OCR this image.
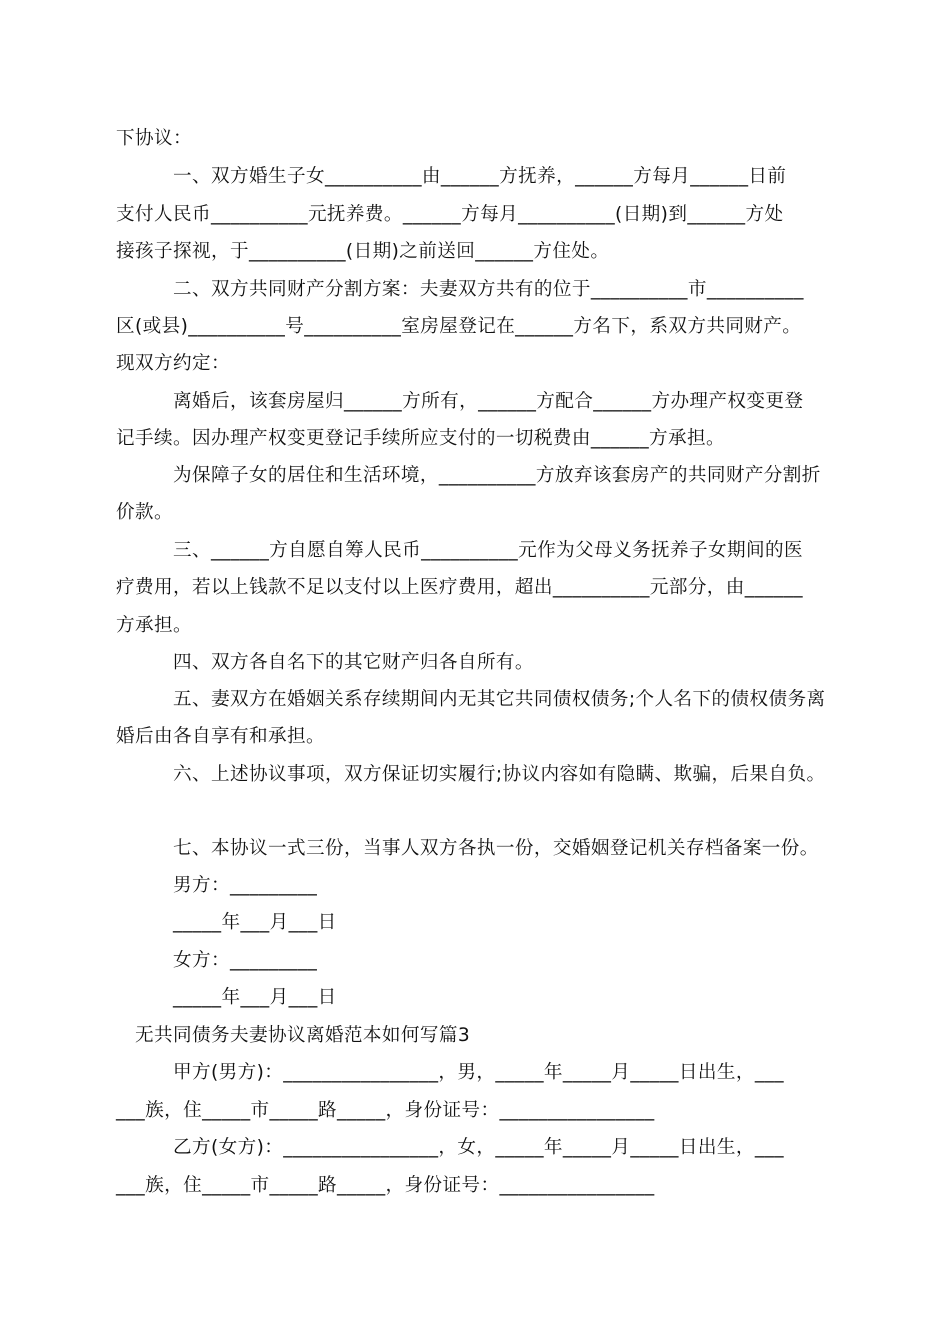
下协议：
一、双方婚生子女__________由______方抚养，______方每月______日前
支付人民币__________元抚养费。______方每月__________(日期)到______方处
接孩子探视，于__________(日期)之前送回______方住处。
二、双方共同财产分割方案：夫妻双方共有的位于__________市__________
区(或县)__________号__________室房屋登记在______方名下，系双方共同财产。
现双方约定：
离婚后，该套房屋归______方所有，______方配合______方办理产权变更登
记手续。因办理产权变更登记手续所应支付的一切税费由______方承担。
为保障子女的居住和生活环境，__________方放弃该套房产的共同财产分割折
价款。
三、______方自愿自筹人民币__________元作为父母义务抚养子女期间的医
疗费用，若以上钱款不足以支付以上医疗费用，超出__________元部分，由______
方承担。
四、双方各自名下的其它财产归各自所有。
五、妻双方在婚姻关系存续期间内无其它共同债权债务;个人名下的债权债务离
婚后由各自享有和承担。
六、上述协议事项，双方保证切实履行;协议内容如有隐瞒、欺骗，后果自负。
七、本协议一式三份，当事人双方各执一份，交婚姻登记机关存档备案一份。
男方：_________
_____年___月___日
女方：_________
_____年___月___日
无共同债务夫妻协议离婚范本如何写篇3
甲方(男方)：________________，男，_____年_____月_____日出生，___
___族，住_____市_____路_____，身份证号：________________
乙方(女方)：________________，女，_____年_____月_____日出生，___
___族，住_____市_____路_____，身份证号：________________
